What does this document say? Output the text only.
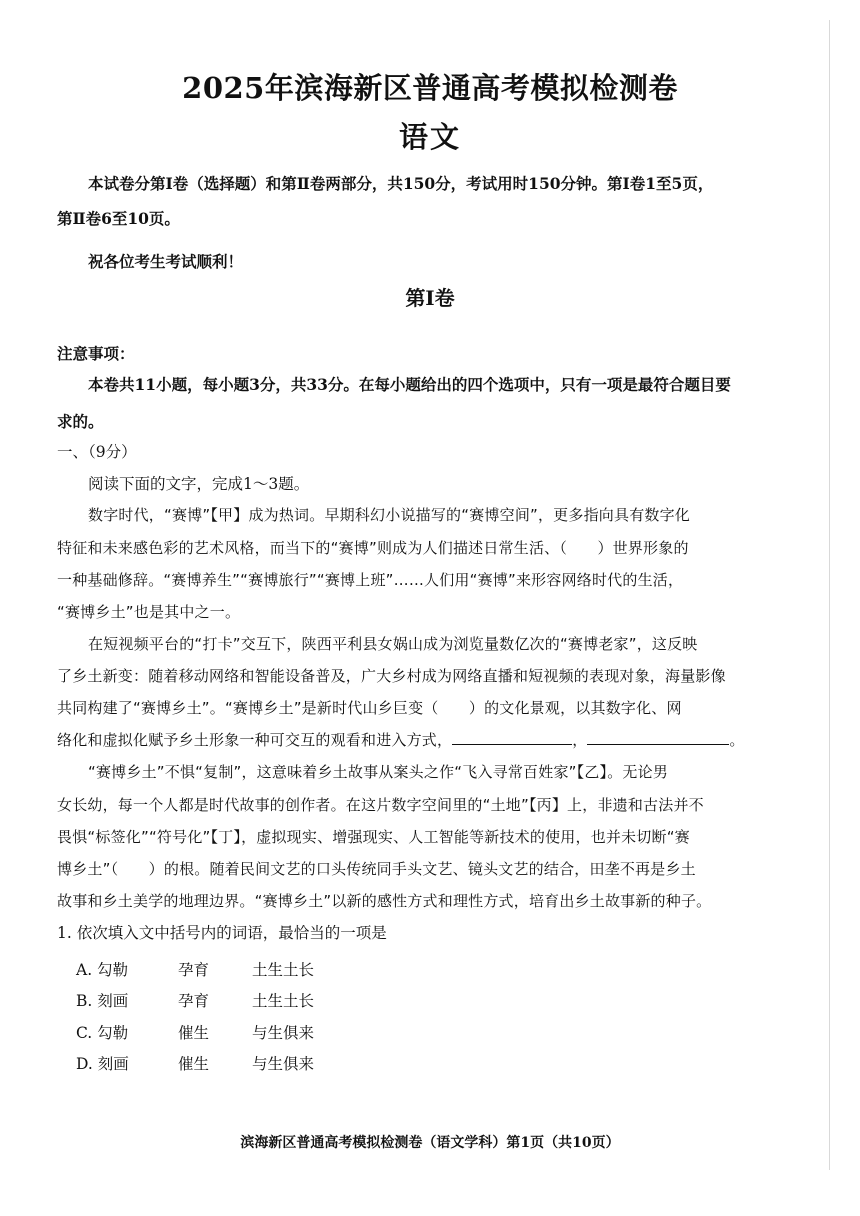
2025年滨海新区普通高考模拟检测卷
语文
本试卷分第Ⅰ卷（选择题）和第Ⅱ卷两部分，共150分，考试用时150分钟。第Ⅰ卷1至5页，
第Ⅱ卷6至10页。
祝各位考生考试顺利！
第Ⅰ卷
注意事项：
本卷共11小题，每小题3分，共33分。在每小题给出的四个选项中，只有一项是最符合题目要
求的。
一、（9分）
阅读下面的文字，完成1～3题。
数字时代，“赛博”【甲】成为热词。早期科幻小说描写的“赛博空间”，更多指向具有数字化
特征和未来感色彩的艺术风格，而当下的“赛博”则成为人们描述日常生活、（　　）世界形象的
一种基础修辞。“赛博养生”“赛博旅行”“赛博上班”……人们用“赛博”来形容网络时代的生活，
“赛博乡土”也是其中之一。
在短视频平台的“打卡”交互下，陕西平利县女娲山成为浏览量数亿次的“赛博老家”，这反映
了乡土新变：随着移动网络和智能设备普及，广大乡村成为网络直播和短视频的表现对象，海量影像
共同构建了“赛博乡土”。“赛博乡土”是新时代山乡巨变（　　）的文化景观，以其数字化、网
络化和虚拟化赋予乡土形象一种可交互的观看和进入方式，	，	。
“赛博乡土”不惧“复制”，这意味着乡土故事从案头之作“飞入寻常百姓家”【乙】。无论男
女长幼，每一个人都是时代故事的创作者。在这片数字空间里的“土地”【丙】上，非遗和古法并不
畏惧“标签化”“符号化”【丁】，虚拟现实、增强现实、人工智能等新技术的使用，也并未切断“赛
博乡土”（　　）的根。随着民间文艺的口头传统同手头文艺、镜头文艺的结合，田垄不再是乡土
故事和乡土美学的地理边界。“赛博乡土”以新的感性方式和理性方式，培育出乡土故事新的种子。
1. 依次填入文中括号内的词语，最恰当的一项是
A. 勾勒	孕育	土生土长
B. 刻画	孕育	土生土长
C. 勾勒	催生	与生俱来
D. 刻画	催生	与生俱来
滨海新区普通高考模拟检测卷（语文学科）第1页（共10页）
